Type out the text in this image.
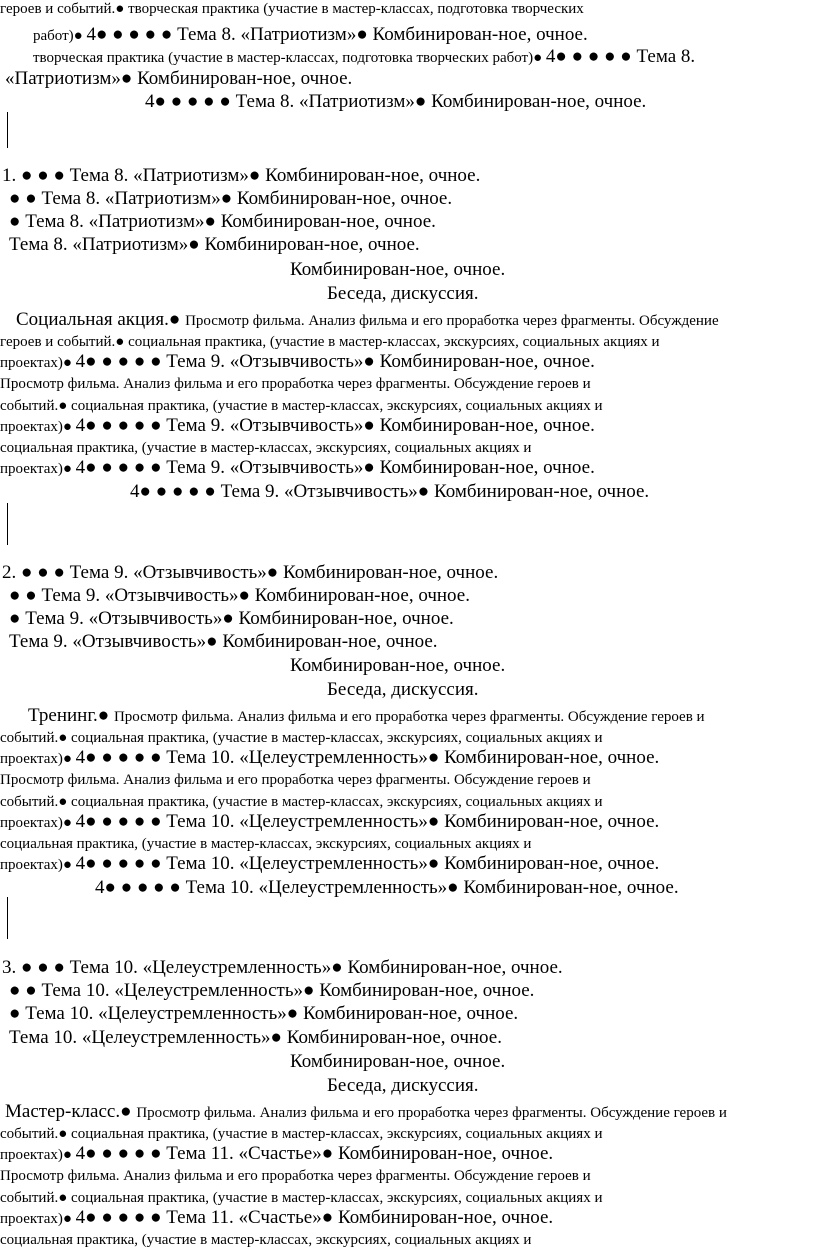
героев и событий.● творческая практика (участие в мастер-классах, подготовка творческих
работ)● 4● ● ● ● ● Тема 8. «Патриотизм»● Комбинирован-ное, очное.
творческая практика (участие в мастер-классах, подготовка творческих работ)● 4● ● ● ● ● Тема 8.
«Патриотизм»● Комбинирован-ное, очное.
4● ● ● ● ● Тема 8. «Патриотизм»● Комбинирован-ное, очное.
1. ● ● ● Тема 8. «Патриотизм»● Комбинирован-ное, очное.
● ● Тема 8. «Патриотизм»● Комбинирован-ное, очное.
● Тема 8. «Патриотизм»● Комбинирован-ное, очное.
Тема 8. «Патриотизм»● Комбинирован-ное, очное.
Комбинирован-ное, очное.
Беседа, дискуссия.
Социальная акция.● Просмотр фильма. Анализ фильма и его проработка через фрагменты. Обсуждение
героев и событий.● социальная практика, (участие в мастер-классах, экскурсиях, социальных акциях и
проектах)● 4● ● ● ● ● Тема 9. «Отзывчивость»● Комбинирован-ное, очное.
Просмотр фильма. Анализ фильма и его проработка через фрагменты. Обсуждение героев и
событий.● социальная практика, (участие в мастер-классах, экскурсиях, социальных акциях и
проектах)● 4● ● ● ● ● Тема 9. «Отзывчивость»● Комбинирован-ное, очное.
социальная практика, (участие в мастер-классах, экскурсиях, социальных акциях и
проектах)● 4● ● ● ● ● Тема 9. «Отзывчивость»● Комбинирован-ное, очное.
4● ● ● ● ● Тема 9. «Отзывчивость»● Комбинирован-ное, очное.
2. ● ● ● Тема 9. «Отзывчивость»● Комбинирован-ное, очное.
● ● Тема 9. «Отзывчивость»● Комбинирован-ное, очное.
● Тема 9. «Отзывчивость»● Комбинирован-ное, очное.
Тема 9. «Отзывчивость»● Комбинирован-ное, очное.
Комбинирован-ное, очное.
Беседа, дискуссия.
Тренинг.● Просмотр фильма. Анализ фильма и его проработка через фрагменты. Обсуждение героев и
событий.● социальная практика, (участие в мастер-классах, экскурсиях, социальных акциях и
проектах)● 4● ● ● ● ● Тема 10. «Целеустремленность»● Комбинирован-ное, очное.
Просмотр фильма. Анализ фильма и его проработка через фрагменты. Обсуждение героев и
событий.● социальная практика, (участие в мастер-классах, экскурсиях, социальных акциях и
проектах)● 4● ● ● ● ● Тема 10. «Целеустремленность»● Комбинирован-ное, очное.
социальная практика, (участие в мастер-классах, экскурсиях, социальных акциях и
проектах)● 4● ● ● ● ● Тема 10. «Целеустремленность»● Комбинирован-ное, очное.
4● ● ● ● ● Тема 10. «Целеустремленность»● Комбинирован-ное, очное.
3. ● ● ● Тема 10. «Целеустремленность»● Комбинирован-ное, очное.
● ● Тема 10. «Целеустремленность»● Комбинирован-ное, очное.
● Тема 10. «Целеустремленность»● Комбинирован-ное, очное.
Тема 10. «Целеустремленность»● Комбинирован-ное, очное.
Комбинирован-ное, очное.
Беседа, дискуссия.
Мастер-класс.● Просмотр фильма. Анализ фильма и его проработка через фрагменты. Обсуждение героев и
событий.● социальная практика, (участие в мастер-классах, экскурсиях, социальных акциях и
проектах)● 4● ● ● ● ● Тема 11. «Счастье»● Комбинирован-ное, очное.
Просмотр фильма. Анализ фильма и его проработка через фрагменты. Обсуждение героев и
событий.● социальная практика, (участие в мастер-классах, экскурсиях, социальных акциях и
проектах)● 4● ● ● ● ● Тема 11. «Счастье»● Комбинирован-ное, очное.
социальная практика, (участие в мастер-классах, экскурсиях, социальных акциях и
